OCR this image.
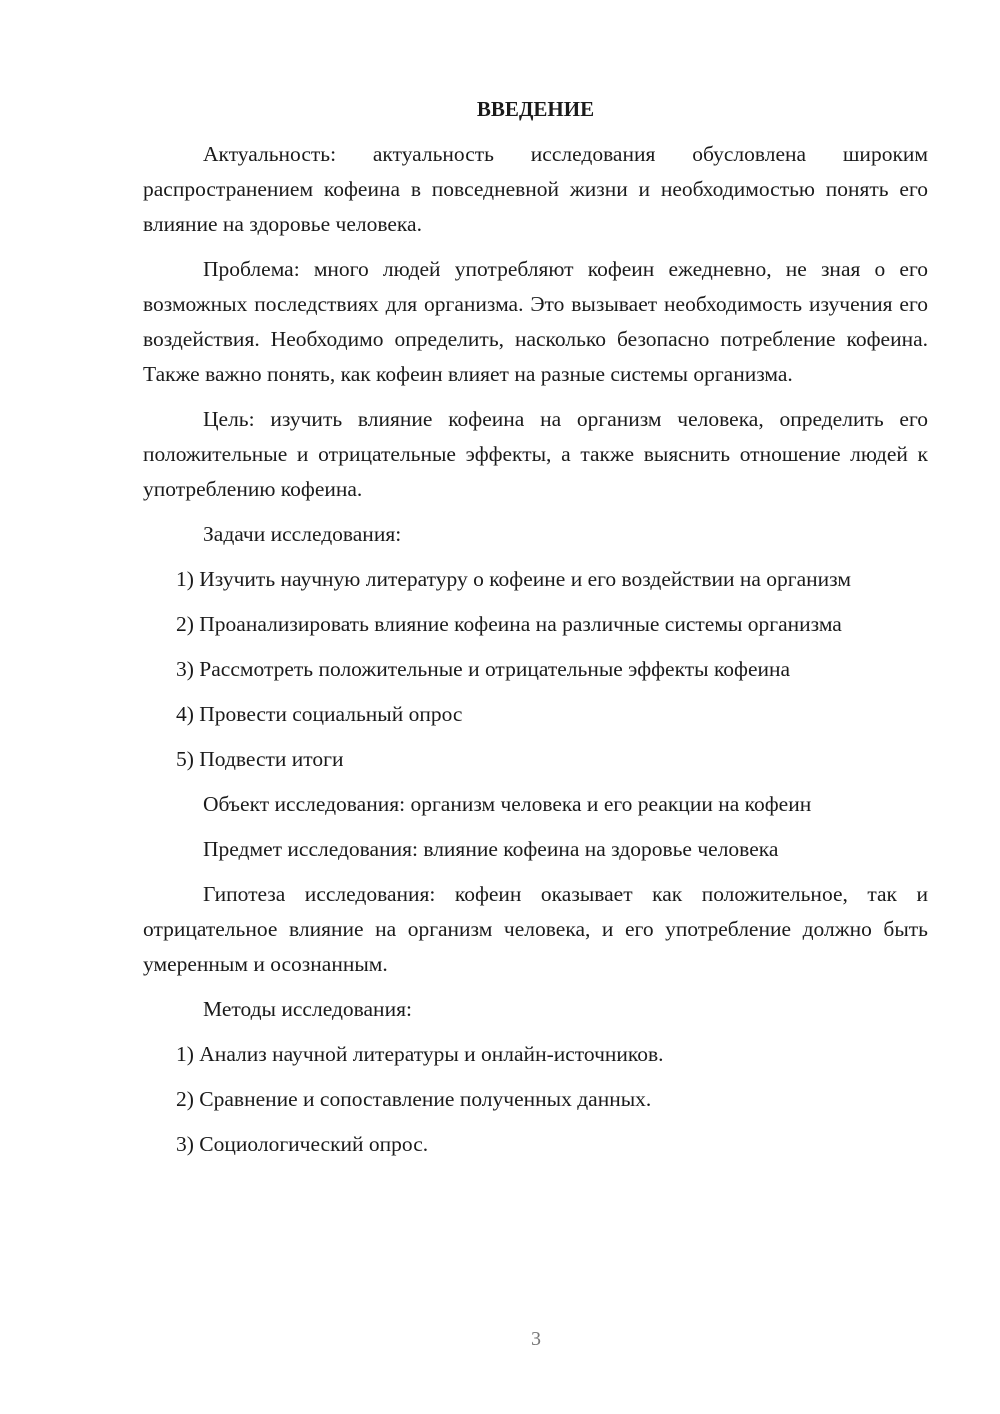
ВВЕДЕНИЕ

Актуальность: актуальность исследования обусловлена широким распространением кофеина в повседневной жизни и необходимостью понять его влияние на здоровье человека.

Проблема: много людей употребляют кофеин ежедневно, не зная о его возможных последствиях для организма. Это вызывает необходимость изучения его воздействия. Необходимо определить, насколько безопасно потребление кофеина. Также важно понять, как кофеин влияет на разные системы организма.

Цель: изучить влияние кофеина на организм человека, определить его положительные и отрицательные эффекты, а также выяснить отношение людей к употреблению кофеина.

Задачи исследования:

1) Изучить научную литературу о кофеине и его воздействии на организм

2) Проанализировать влияние кофеина на различные системы организма

3) Рассмотреть положительные и отрицательные эффекты кофеина

4) Провести социальный опрос

5) Подвести итоги

Объект исследования: организм человека и его реакции на кофеин

Предмет исследования: влияние кофеина на здоровье человека

Гипотеза исследования: кофеин оказывает как положительное, так и отрицательное влияние на организм человека, и его употребление должно быть умеренным и осознанным.

Методы исследования:

1) Анализ научной литературы и онлайн-источников.

2) Сравнение и сопоставление полученных данных.

3) Социологический опрос.

3
